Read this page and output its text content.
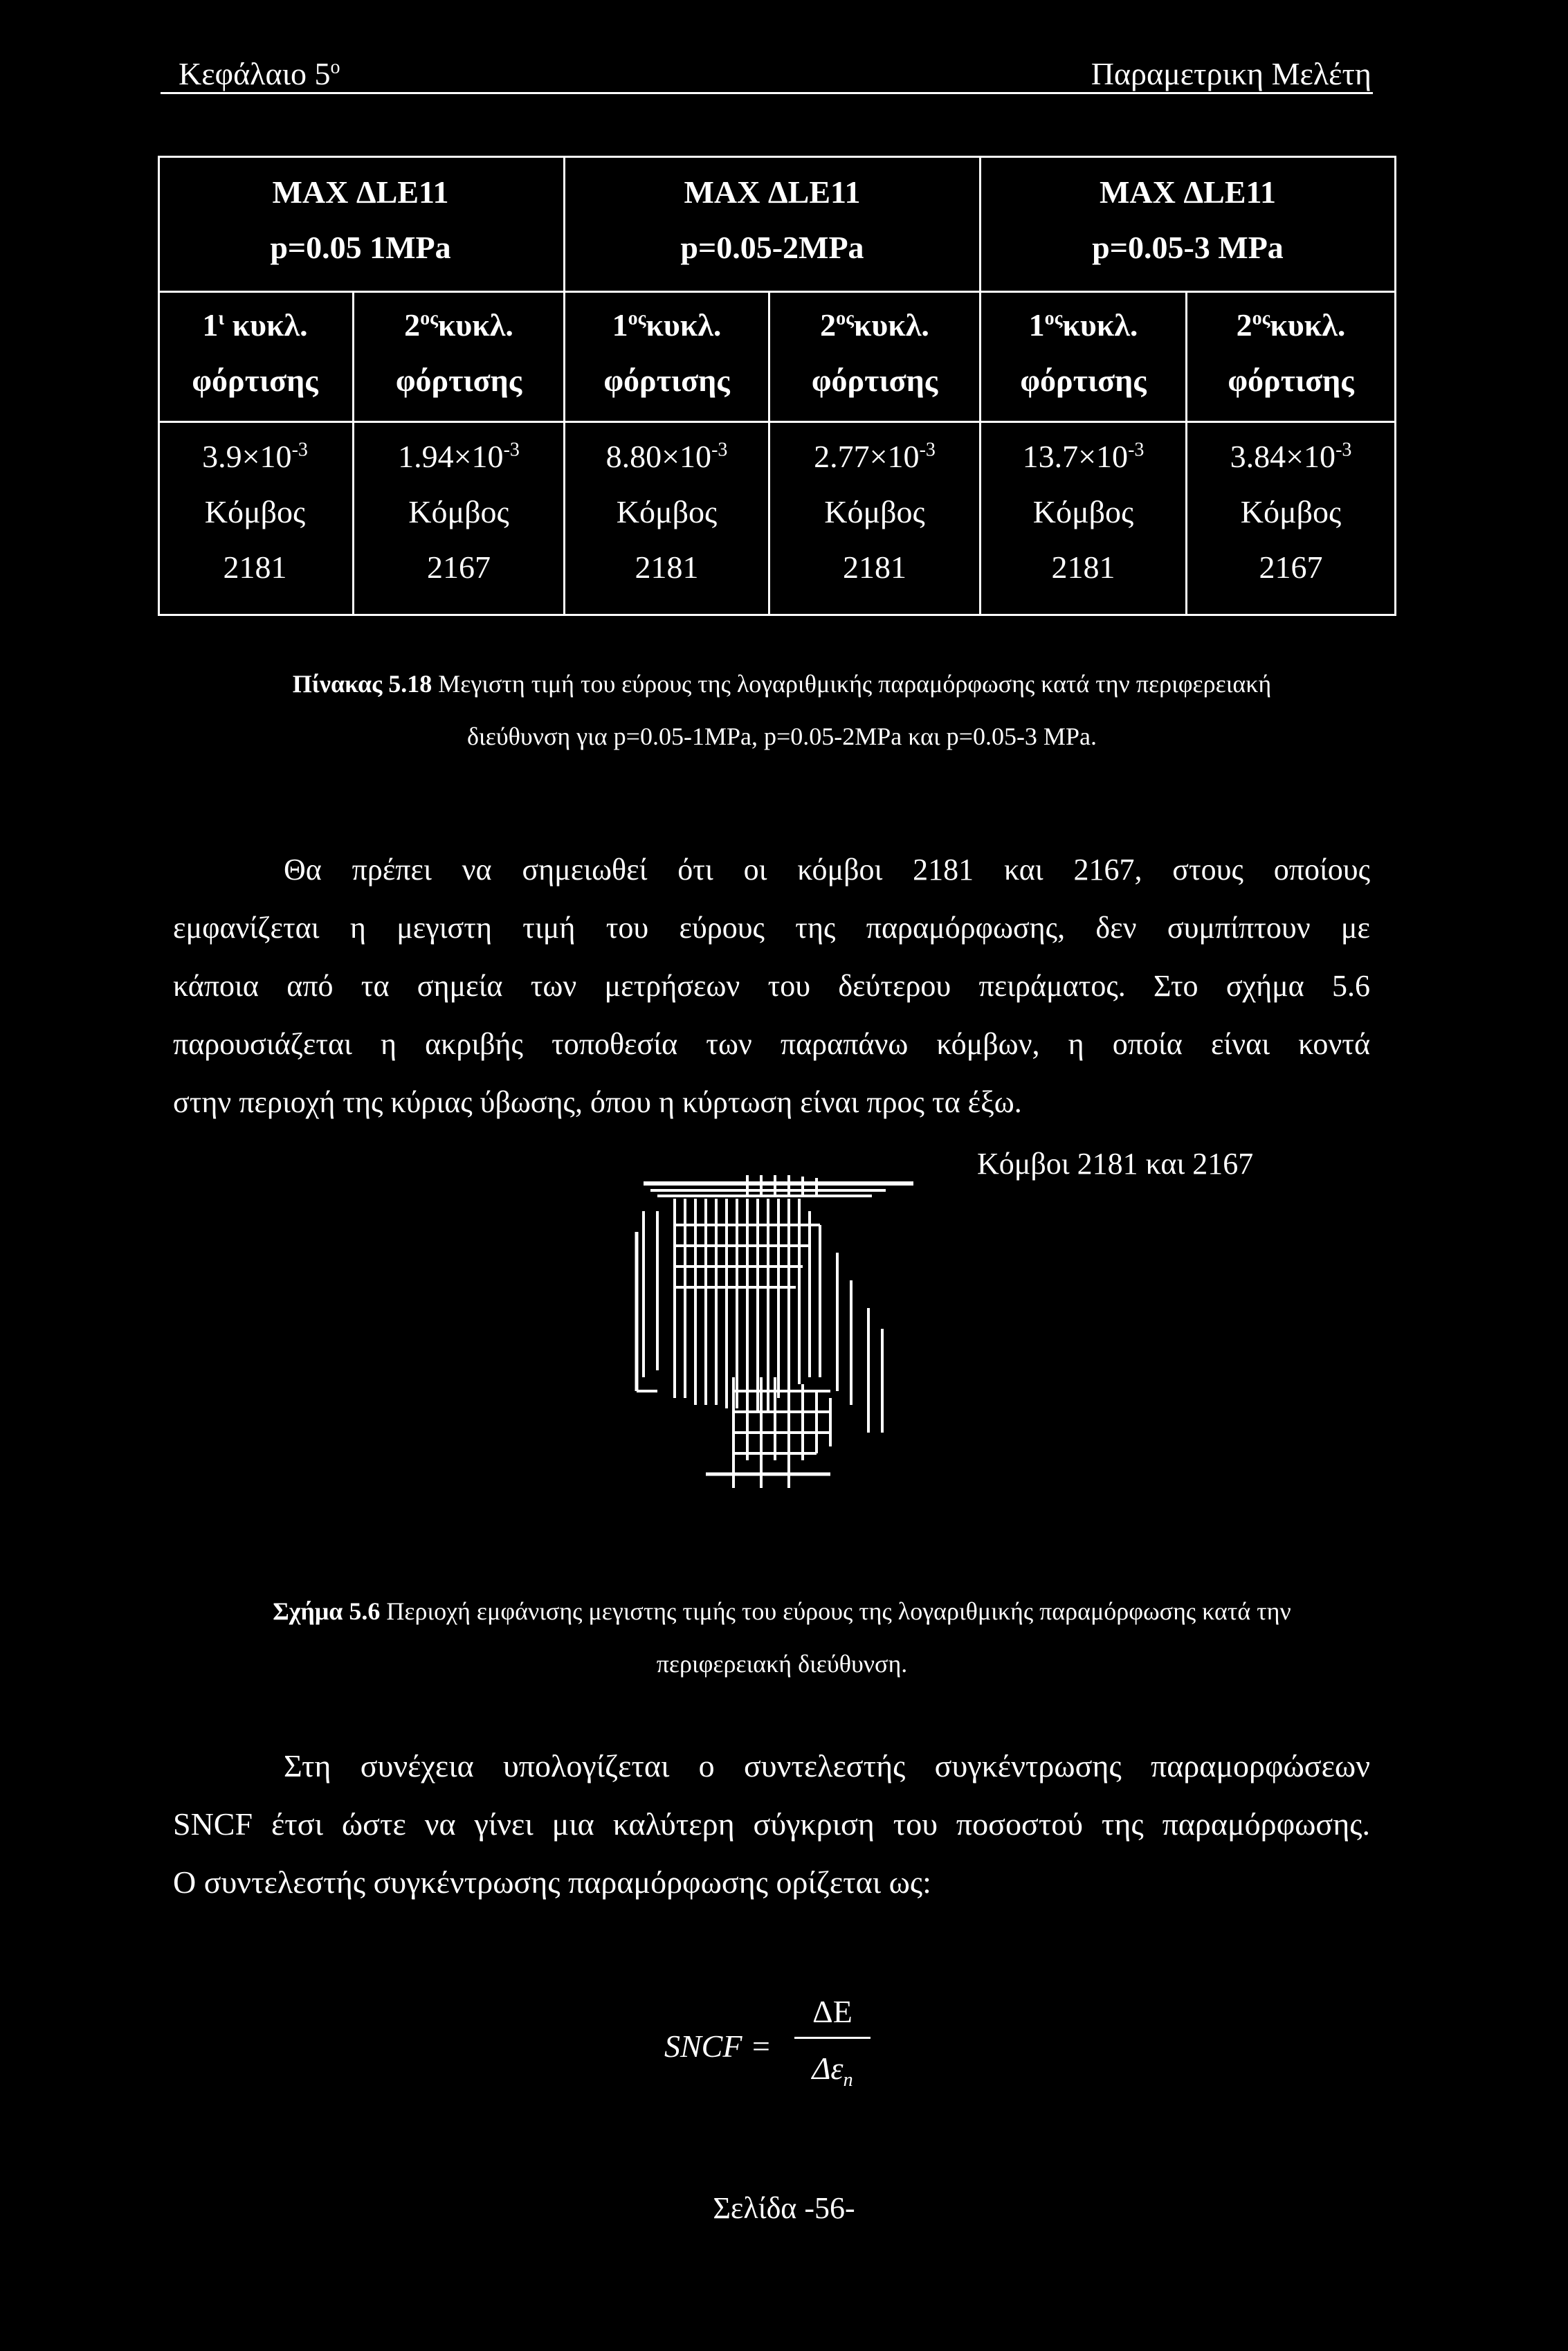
Κεφάλαιο $5^o$	Παραμετρικη Μελέτη
MAX ΔLE11
p=0.05 1MPa
MAX ΔLE11
p=0.05-2MPa
MAX ΔLE11
p=0.05-3 MPa
$1^\iota$ κυκλ.
φόρτισης
$2^{o\varsigma}\kappa\upsilon\kappa\lambda$.
φόρτισης
$1^{o\varsigma}\kappa\upsilon\kappa\lambda$.
φόρτισης
$2^{o\varsigma}\kappa\upsilon\kappa\lambda$.
φόρτισης
$1^{o\varsigma}\kappa\upsilon\kappa\lambda$.
φόρτισης
$2^{o\varsigma}\kappa\upsilon\kappa\lambda$.
φόρτισης
$3.9\times 10^{-3}$
Κόμβος
2181
$1.94\times 10^{-3}$
Κόμβος
2167
$8.80\times 10^{-3}$
Κόμβος
2181
$2.77\times 10^{-3}$
Κόμβος
2181
$13.7\times 10^{-3}$
Κόμβος
2181
$3.84\times 10^{-3}$
Κόμβος
2167
Πίνακας 5.18 Μεγιστη τιμή του εύρους της λογαριθμικής παραμόρφωσης κατά την περιφερειακή
διεύθυνση για p=0.05-1MPa, p=0.05-2MPa και p=0.05-3 MPa.
Θα πρέπει να σημειωθεί ότι οι κόμβοι 2181 και 2167, στους οποίους
εμφανίζεται η μεγιστη τιμή του εύρους της παραμόρφωσης, δεν συμπίπτουν με
κάποια από τα σημεία των μετρήσεων του δεύτερου πειράματος. Στο σχήμα 5.6
παρουσιάζεται η ακριβής τοποθεσία των παραπάνω κόμβων, η οποία είναι κοντά
στην περιοχή της κύριας ύβωσης, όπου η κύρτωση είναι προς τα έξω.
Κόμβοι 2181 και 2167
Σχήμα 5.6 Περιοχή εμφάνισης μεγιστης τιμής του εύρους της λογαριθμικής παραμόρφωσης κατά την
περιφερειακή διεύθυνση.
Στη συνέχεια υπολογίζεται ο συντελεστής συγκέντρωσης παραμορφώσεων
SNCF έτσι ώστε να γίνει μια καλύτερη σύγκριση του ποσοστού της παραμόρφωσης.
Ο συντελεστής συγκέντρωσης παραμόρφωσης ορίζεται ως:
SNCF =
ΔE
$\Delta\varepsilon_n$
Σελίδα -56-
